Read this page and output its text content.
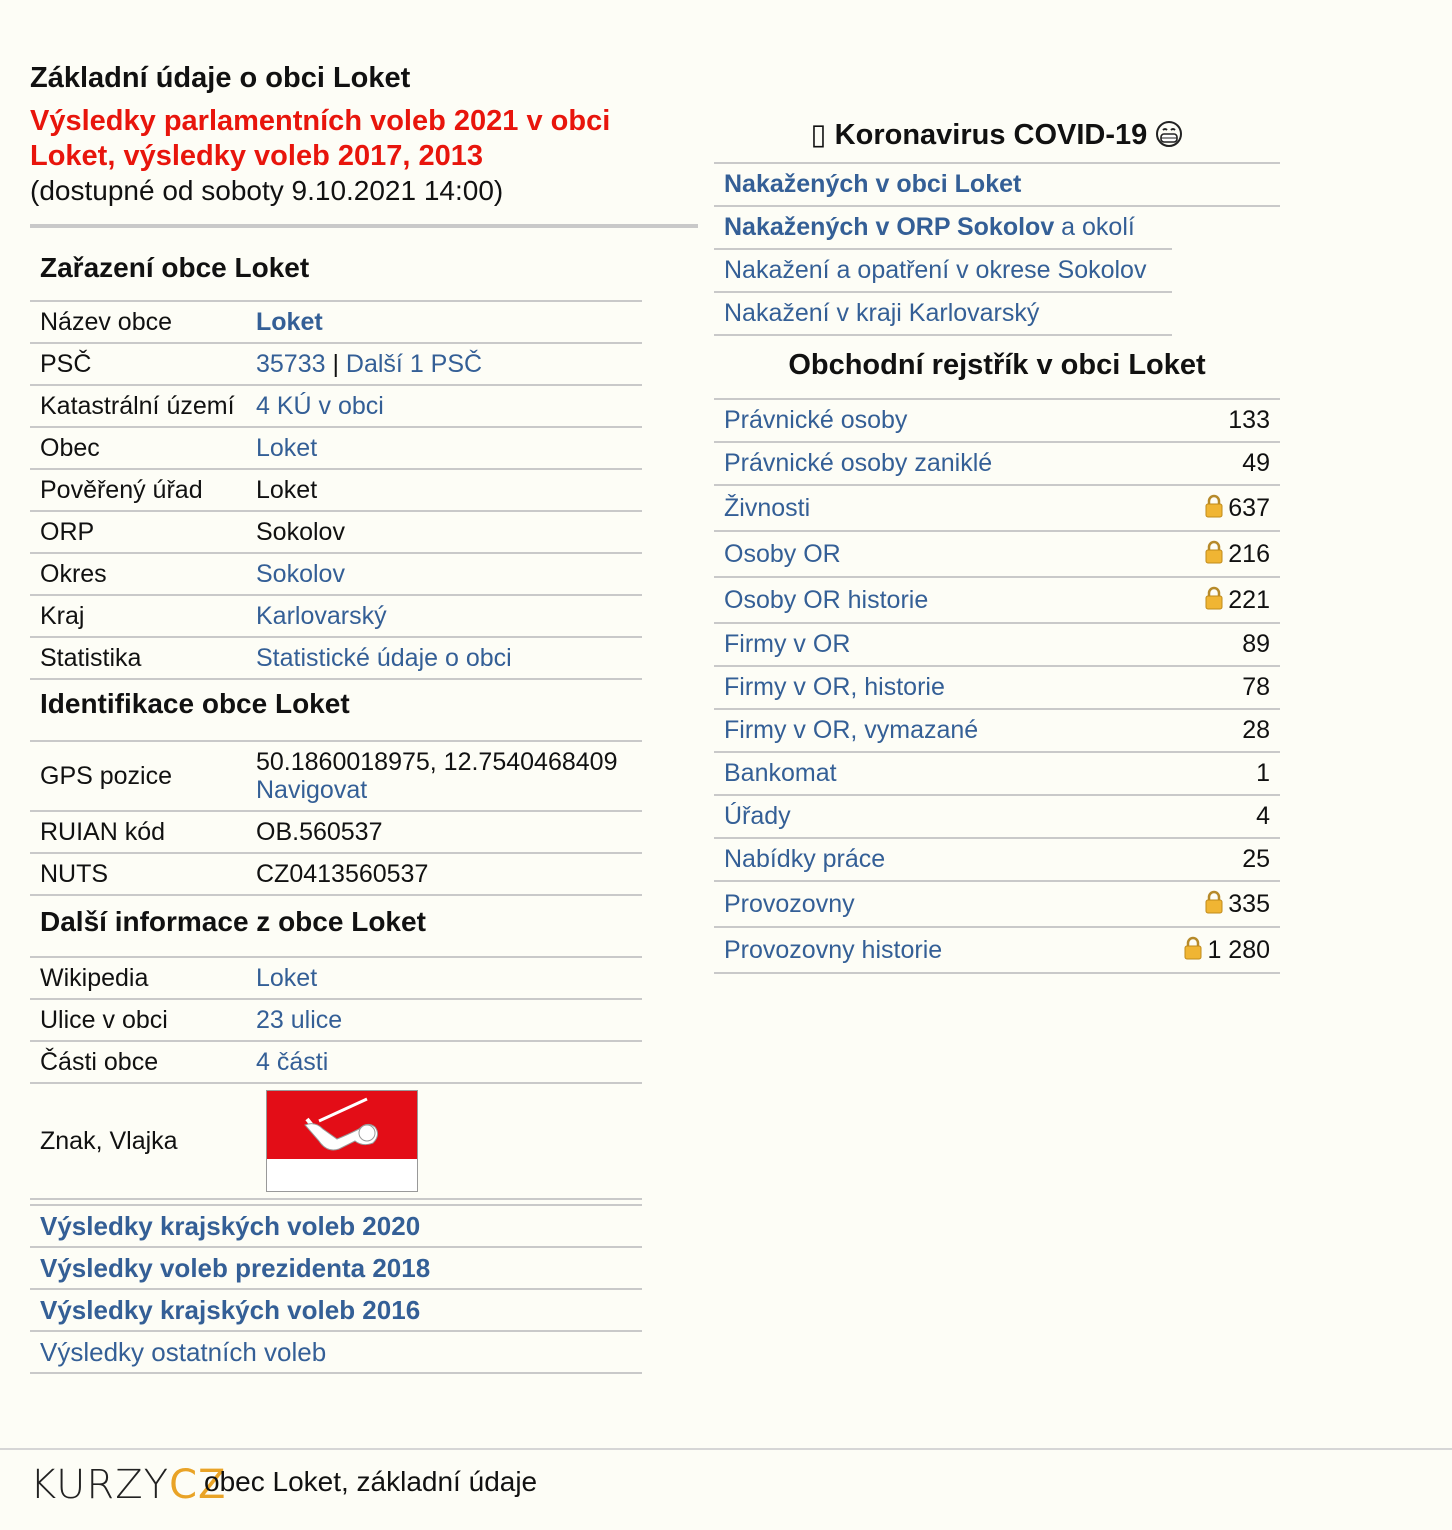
Základní údaje o obci Loket
Výsledky parlamentních voleb 2021 v obci Loket, výsledky voleb 2017, 2013
(dostupné od soboty 9.10.2021 14:00)
Zařazení obce Loket
Název obce	Loket
PSČ	35733 | Další 1 PSČ
Katastrální území	4 KÚ v obci
Obec	Loket
Pověřený úřad	Loket
ORP	Sokolov
Okres	Sokolov
Kraj	Karlovarský
Statistika	Statistické údaje o obci
Identifikace obce Loket
GPS pozice	50.1860018975, 12.7540468409
Navigovat
RUIAN kód	OB.560537
NUTS	CZ0413560537
Další informace z obce Loket
Wikipedia	Loket
Ulice v obci	23 ulice
Části obce	4 části
Znak, Vlajka	
Výsledky krajských voleb 2020
Výsledky voleb prezidenta 2018
Výsledky krajských voleb 2016
Výsledky ostatních voleb
▯ Koronavirus COVID-19
Nakažených v obci Loket
Nakažených v ORP Sokolov a okolí
Nakažení a opatření v okrese Sokolov
Nakažení v kraji Karlovarský
Obchodní rejstřík v obci Loket
Právnické osoby	133
Právnické osoby zaniklé	49
Živnosti	637
Osoby OR	216
Osoby OR historie	221
Firmy v OR	89
Firmy v OR, historie	78
Firmy v OR, vymazané	28
Bankomat	1
Úřady	4
Nabídky práce	25
Provozovny	335
Provozovny historie	1 280
KURZYCZ
obec Loket, základní údaje
